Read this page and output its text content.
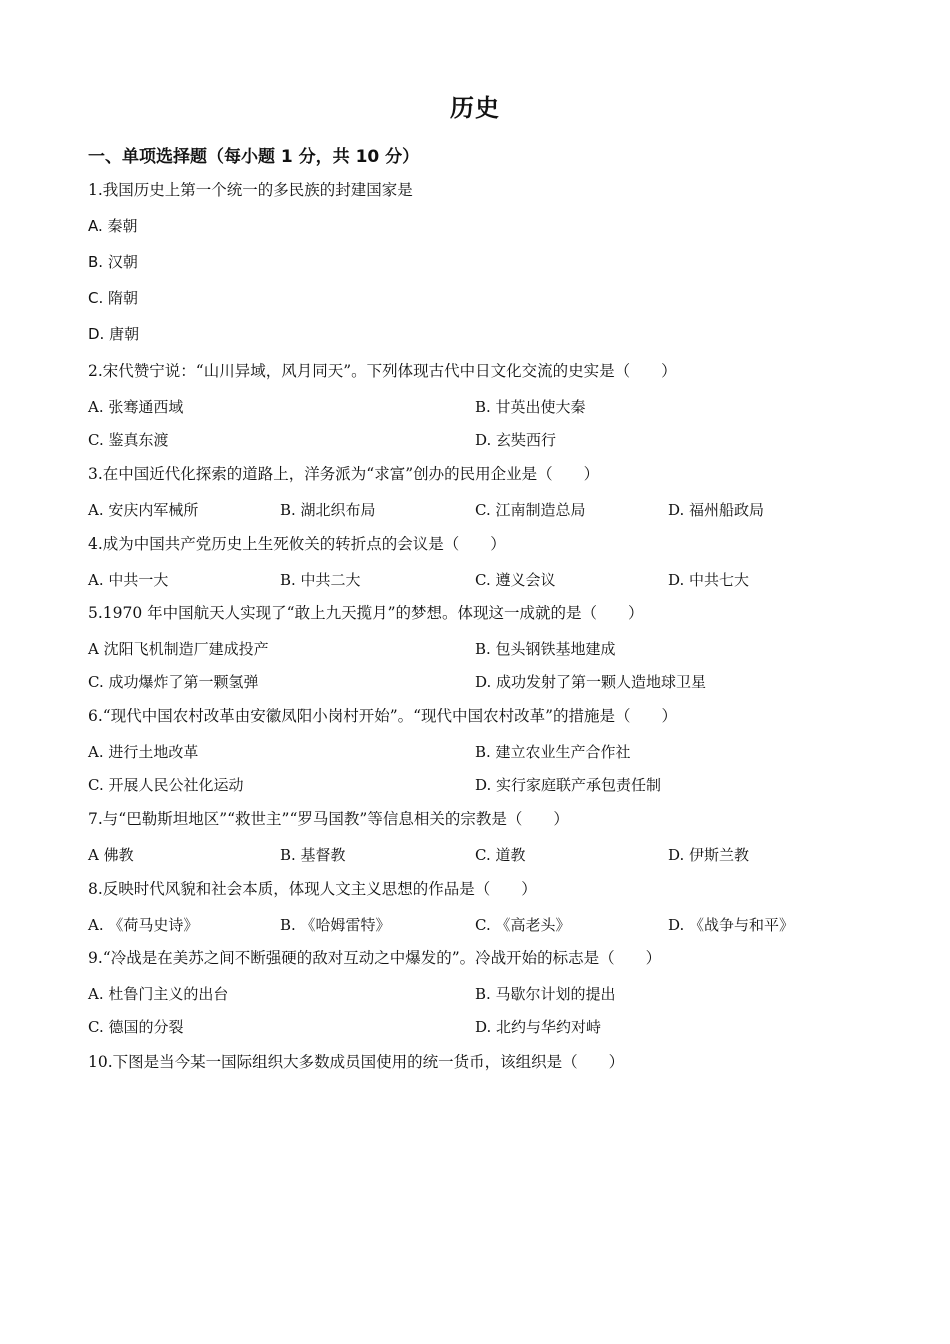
历史
一、单项选择题（每小题 1 分，共 10 分）
1.我国历史上第一个统一的多民族的封建国家是
A. 秦朝
B. 汉朝
C. 隋朝
D. 唐朝
2.宋代赞宁说：“山川异域，风月同天”。下列体现古代中日文化交流的史实是（　　）
A. 张骞通西域	B. 甘英出使大秦
C. 鉴真东渡	D. 玄奘西行
3.在中国近代化探索的道路上，洋务派为“求富”创办的民用企业是（　　）
A. 安庆内军械所	B. 湖北织布局	C. 江南制造总局	D. 福州船政局
4.成为中国共产党历史上生死攸关的转折点的会议是（　　）
A. 中共一大	B. 中共二大	C. 遵义会议	D. 中共七大
5.1970 年中国航天人实现了“敢上九天揽月”的梦想。体现这一成就的是（　　）
A 沈阳飞机制造厂建成投产	B. 包头钢铁基地建成
C. 成功爆炸了第一颗氢弹	D. 成功发射了第一颗人造地球卫星
6.“现代中国农村改革由安徽凤阳小岗村开始”。“现代中国农村改革”的措施是（　　）
A. 进行土地改革	B. 建立农业生产合作社
C. 开展人民公社化运动	D. 实行家庭联产承包责任制
7.与“巴勒斯坦地区”“救世主”“罗马国教”等信息相关的宗教是（　　）
A 佛教	B. 基督教	C. 道教	D. 伊斯兰教
8.反映时代风貌和社会本质，体现人文主义思想的作品是（　　）
A. 《荷马史诗》	B. 《哈姆雷特》	C. 《高老头》	D. 《战争与和平》
9.“冷战是在美苏之间不断强硬的敌对互动之中爆发的”。冷战开始的标志是（　　）
A. 杜鲁门主义的出台	B. 马歇尔计划的提出
C. 德国的分裂	D. 北约与华约对峙
10.下图是当今某一国际组织大多数成员国使用的统一货币，该组织是（　　）
